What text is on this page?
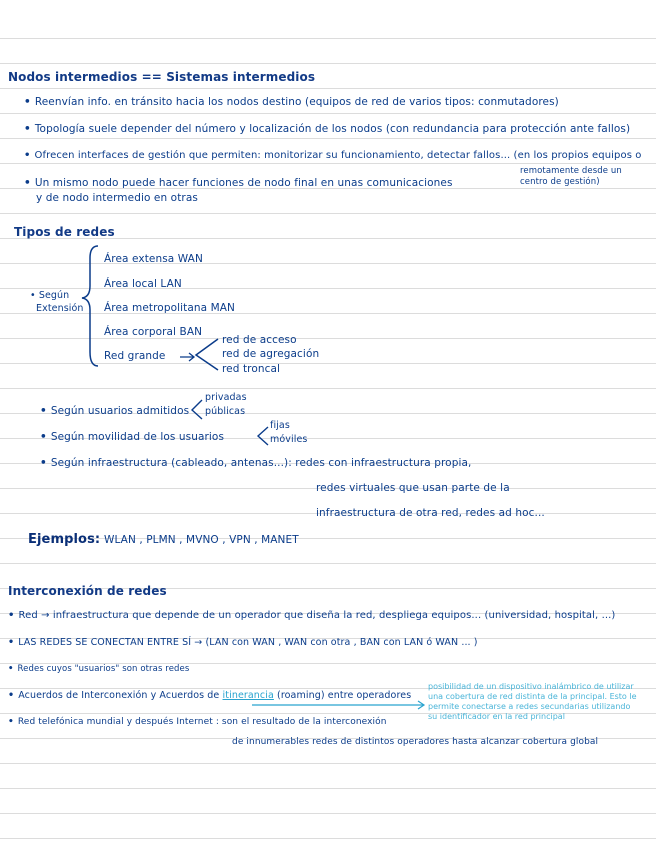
Nodos intermedios == Sistemas intermedios
• Reenvían info. en tránsito hacia los nodos destino (equipos de red de varios tipos: conmutadores)
• Topología suele depender del número y localización de los nodos (con redundancia para protección ante fallos)
• Ofrecen interfaces de gestión que permiten: monitorizar su funcionamiento, detectar fallos... (en los propios equipos o
remotamente desde un centro de gestión)
• Un mismo nodo puede hacer funciones de nodo final en unas comunicaciones
y de nodo intermedio en otras
Tipos de redes
• Según
Extensión
Área extensa WAN
Área local LAN
Área metropolitana MAN
Área corporal BAN
Red grande
red de acceso
red de agregación
red troncal
• Según usuarios admitidos
privadas
públicas
• Según movilidad de los usuarios
fijas
móviles
• Según infraestructura (cableado, antenas...): redes con infraestructura propia,
redes virtuales que usan parte de la
infraestructura de otra red, redes ad hoc...
Ejemplos: WLAN , PLMN , MVNO , VPN , MANET
Interconexión de redes
• Red → infraestructura que depende de un operador que diseña la red, despliega equipos... (universidad, hospital, ...)
• LAS REDES SE CONECTAN ENTRE SÍ → (LAN con WAN , WAN con otra , BAN con LAN ó WAN ... )
• Redes cuyos "usuarios" son otras redes
• Acuerdos de Interconexión y Acuerdos de itinerancia (roaming) entre operadores
posibilidad de un dispositivo inalámbrico de utilizar una cobertura de red distinta de la principal. Esto le permite conectarse a redes secundarias utilizando su identificador en la red principal
• Red telefónica mundial y después Internet : son el resultado de la interconexión
de innumerables redes de distintos operadores hasta alcanzar cobertura global
